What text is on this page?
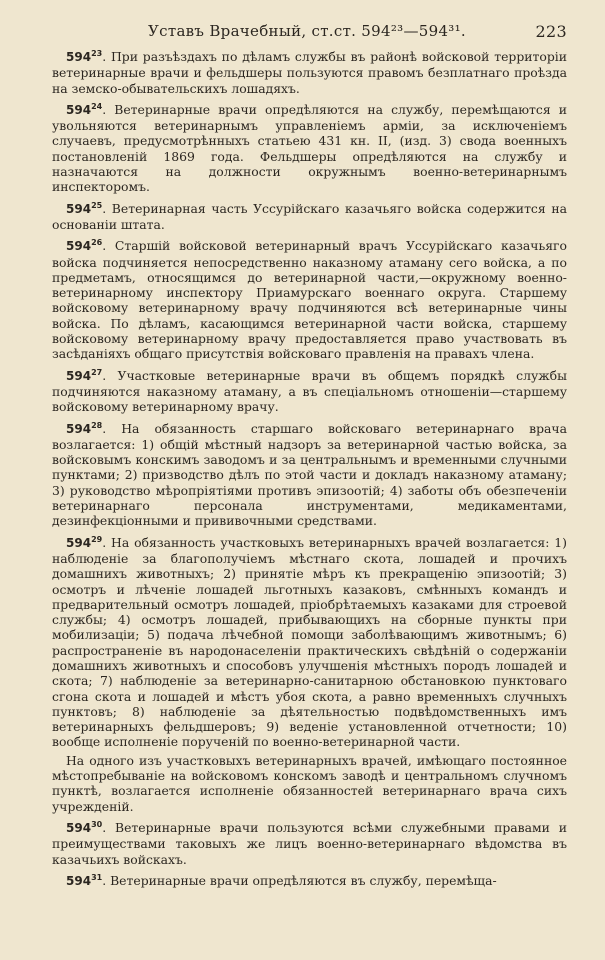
Уставъ Врачебный, ст.ст. 594²³—594³¹.	223

$594^{23}$. При разъѣздахъ по дѣламъ службы въ районѣ войсковой территоріи ветеринарные врачи и фельдшеры пользуются правомъ безплатнаго проѣзда на земско-обывательскихъ лошадяхъ.

$594^{24}$. Ветеринарные врачи опредѣляются на службу, перемѣщаются и увольняются ветеринарнымъ управленіемъ арміи, за исключеніемъ случаевъ, предусмотрѣнныхъ статьею 431 кн. II, (изд. 3) свода военныхъ постановленій 1869 года. Фельдшеры опредѣляются на службу и назначаются на должности окружнымъ военно-ветеринарнымъ инспекторомъ.

$594^{25}$. Ветеринарная часть Уссурійскаго казачьяго войска содержится на основаніи штата.

$594^{26}$. Старшій войсковой ветеринарный врачъ Уссурійскаго казачьяго войска подчиняется непосредственно наказному атаману сего войска, а по предметамъ, относящимся до ветеринарной части,—окружному военно-ветеринарному инспектору Приамурскаго военнаго округа. Старшему войсковому ветеринарному врачу подчиняются всѣ ветеринарные чины войска. По дѣламъ, касающимся ветеринарной части войска, старшему войсковому ветеринарному врачу предоставляется право участвовать въ засѣданіяхъ общаго присутствія войсковаго правленія на правахъ члена.

$594^{27}$. Участковые ветеринарные врачи въ общемъ порядкѣ службы подчиняются наказному атаману, а въ спеціальномъ отношеніи—старшему войсковому ветеринарному врачу.

$594^{28}$. На обязанность старшаго войсковаго ветеринарнаго врача возлагается: 1) общій мѣстный надзоръ за ветеринарной частью войска, за войсковымъ конскимъ заводомъ и за центральнымъ и временными случными пунктами; 2) призводство дѣлъ по этой части и докладъ наказному атаману; 3) руководство мѣропріятіями противъ эпизоотій; 4) заботы объ обезпеченіи ветеринарнаго персонала инструментами, медикаментами, дезинфекціонными и прививочными средствами.

$594^{29}$. На обязанность участковыхъ ветеринарныхъ врачей возлагается: 1) наблюденіе за благополучіемъ мѣстнаго скота, лошадей и прочихъ домашнихъ животныхъ; 2) принятіе мѣръ къ прекращенію эпизоотій; 3) осмотръ и лѣченіе лошадей льготныхъ казаковъ, смѣнныхъ командъ и предварительный осмотръ лошадей, пріобрѣтаемыхъ казаками для строевой службы; 4) осмотръ лошадей, прибывающихъ на сборные пункты при мобилизаціи; 5) подача лѣчебной помощи заболѣвающимъ животнымъ; 6) распространеніе въ народонаселеніи практическихъ свѣдѣній о содержаніи домашнихъ животныхъ и способовъ улучшенія мѣстныхъ породъ лошадей и скота; 7) наблюденіе за ветеринарно-санитарною обстановкою пунктоваго сгона скота и лошадей и мѣстъ убоя скота, а равно временныхъ случныхъ пунктовъ; 8) наблюденіе за дѣятельностью подвѣдомственныхъ имъ ветеринарныхъ фельдшеровъ; 9) веденіе установленной отчетности; 10) вообще исполненіе порученій по военно-ветеринарной части.

На одного изъ участковыхъ ветеринарныхъ врачей, имѣющаго постоянное мѣстопребываніе на войсковомъ конскомъ заводѣ и центральномъ случномъ пунктѣ, возлагается исполненіе обязанностей ветеринарнаго врача сихъ учрежденій.

$594^{30}$. Ветеринарные врачи пользуются всѣми служебными правами и преимуществами таковыхъ же лицъ военно-ветеринарнаго вѣдомства въ казачьихъ войскахъ.

$594^{31}$. Ветеринарные врачи опредѣляются въ службу, перемѣща-
